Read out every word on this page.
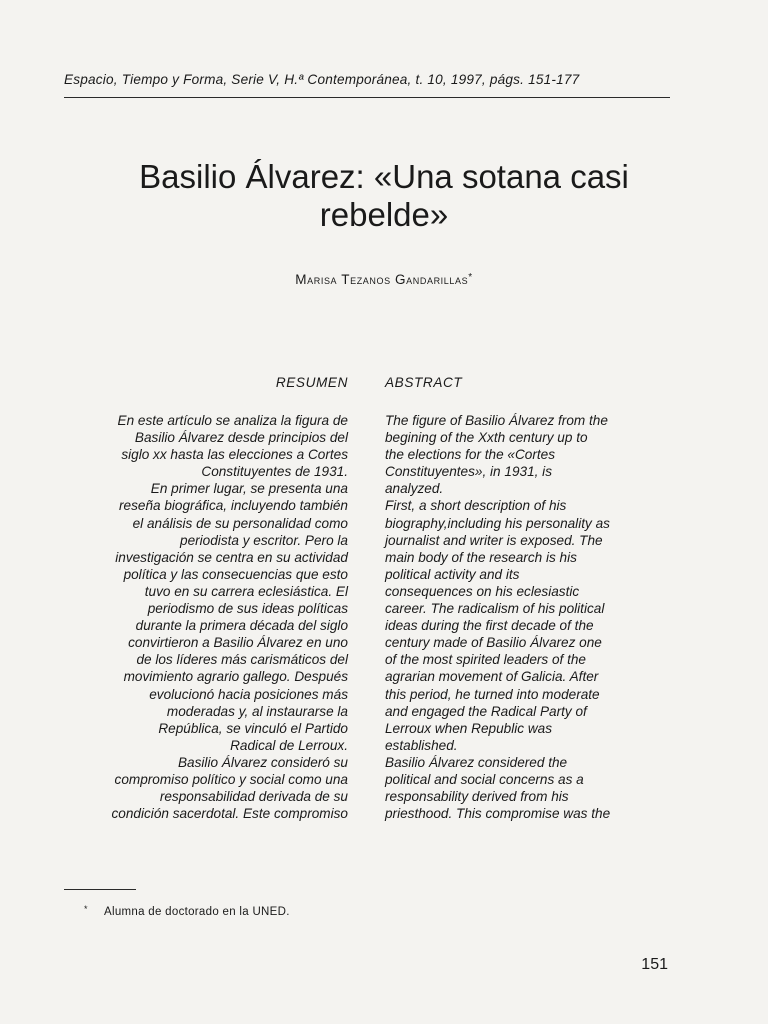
Espacio, Tiempo y Forma, Serie V, H.ª Contemporánea, t. 10, 1997, págs. 151-177
Basilio Álvarez: «Una sotana casi
rebelde»
Marisa Tezanos Gandarillas*
RESUMEN	ABSTRACT
En este artículo se analiza la figura de
Basilio Álvarez desde principios del
siglo xx hasta las elecciones a Cortes
Constituyentes de 1931.
En primer lugar, se presenta una
reseña biográfica, incluyendo también
el análisis de su personalidad como
periodista y escritor. Pero la
investigación se centra en su actividad
política y las consecuencias que esto
tuvo en su carrera eclesiástica. El
periodismo de sus ideas políticas
durante la primera década del siglo
convirtieron a Basilio Álvarez en uno
de los líderes más carismáticos del
movimiento agrario gallego. Después
evolucionó hacia posiciones más
moderadas y, al instaurarse la
República, se vinculó el Partido
Radical de Lerroux.
Basilio Álvarez consideró su
compromiso político y social como una
responsabilidad derivada de su
condición sacerdotal. Este compromiso
The figure of Basilio Álvarez from the
begining of the Xxth century up to
the elections for the «Cortes
Constituyentes», in 1931, is
analyzed.
First, a short description of his
biography,including his personality as
journalist and writer is exposed. The
main body of the research is his
political activity and its
consequences on his eclesiastic
career. The radicalism of his political
ideas during the first decade of the
century made of Basilio Álvarez one
of the most spirited leaders of the
agrarian movement of Galicia. After
this period, he turned into moderate
and engaged the Radical Party of
Lerroux when Republic was
established.
Basilio Álvarez considered the
political and social concerns as a
responsability derived from his
priesthood. This compromise was the
* Alumna de doctorado en la UNED.
151
